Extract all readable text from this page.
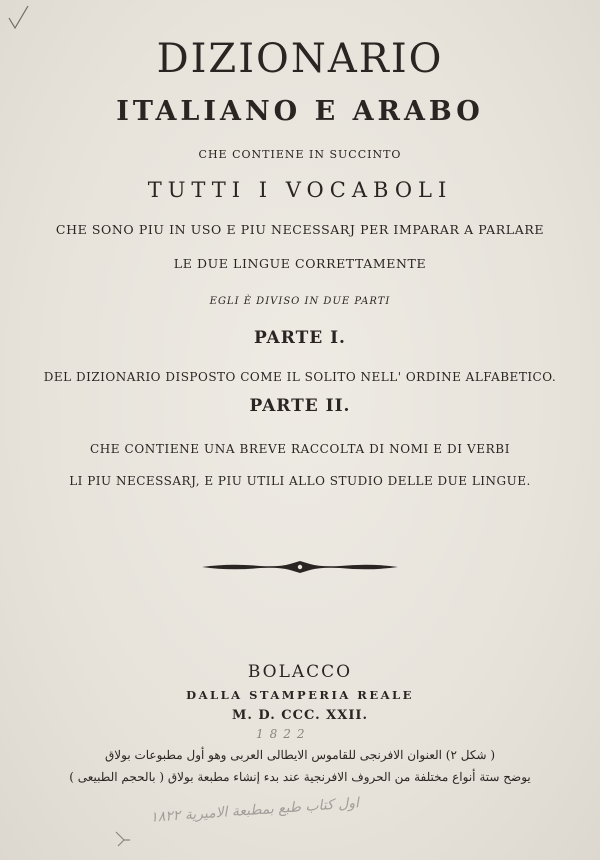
DIZIONARIO
ITALIANO E ARABO

CHE CONTIENE IN SUCCINTO

TUTTI I VOCABOLI

CHE SONO PIU IN USO E PIU NECESSARJ PER IMPARAR A PARLARE

LE DUE LINGUE CORRETTAMENTE

EGLI È DIVISO IN DUE PARTI

PARTE I.

DEL DIZIONARIO DISPOSTO COME IL SOLITO NELL' ORDINE ALFABETICO.

PARTE II.

CHE CONTIENE UNA BREVE RACCOLTA DI NOMI E DI VERBI

LI PIU NECESSARJ, E PIU UTILI ALLO STUDIO DELLE DUE LINGUE.

BOLACCO

DALLA STAMPERIA REALE

M. D. CCC. XXII.

1822

( شكل ٢) العنوان الافرنجى للقاموس الايطالى العربى وهو أول مطبوعات بولاق

يوضح ستة أنواع مختلفة من الحروف الافرنجية عند بدء إنشاء مطبعة بولاق ( بالحجم الطبيعى )

اول كتاب طبع بمطبعة الاميرية ١٨٢٢
